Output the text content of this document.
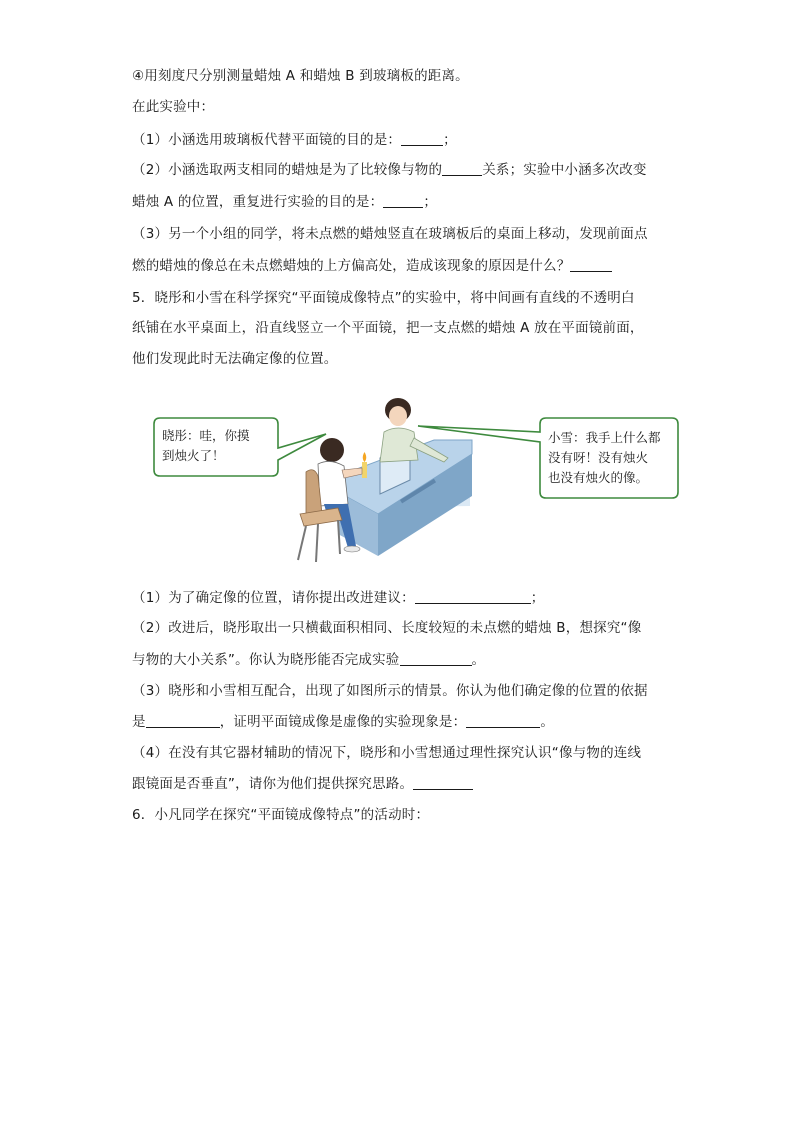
④用刻度尺分别测量蜡烛 A 和蜡烛 B 到玻璃板的距离。
在此实验中：
（1）小涵选用玻璃板代替平面镜的目的是：	；
（2）小涵选取两支相同的蜡烛是为了比较像与物的	关系；实验中小涵多次改变
蜡烛 A 的位置，重复进行实验的目的是：	；
（3）另一个小组的同学，将未点燃的蜡烛竖直在玻璃板后的桌面上移动，发现前面点
燃的蜡烛的像总在未点燃蜡烛的上方偏高处，造成该现象的原因是什么？
5．晓彤和小雪在科学探究“平面镜成像特点”的实验中，将中间画有直线的不透明白
纸铺在水平桌面上，沿直线竖立一个平面镜，把一支点燃的蜡烛 A 放在平面镜前面，
他们发现此时无法确定像的位置。
晓彤：哇，你摸
到烛火了！
小雪：我手上什么都
没有呀！没有烛火
也没有烛火的像。
（1）为了确定像的位置，请你提出改进建议：	；
（2）改进后，晓彤取出一只横截面积相同、长度较短的未点燃的蜡烛 B，想探究“像
与物的大小关系”。你认为晓彤能否完成实验	。
（3）晓彤和小雪相互配合，出现了如图所示的情景。你认为他们确定像的位置的依据
是	，证明平面镜成像是虚像的实验现象是：	。
（4）在没有其它器材辅助的情况下，晓彤和小雪想通过理性探究认识“像与物的连线
跟镜面是否垂直”，请你为他们提供探究思路。
6．小凡同学在探究“平面镜成像特点”的活动时：
